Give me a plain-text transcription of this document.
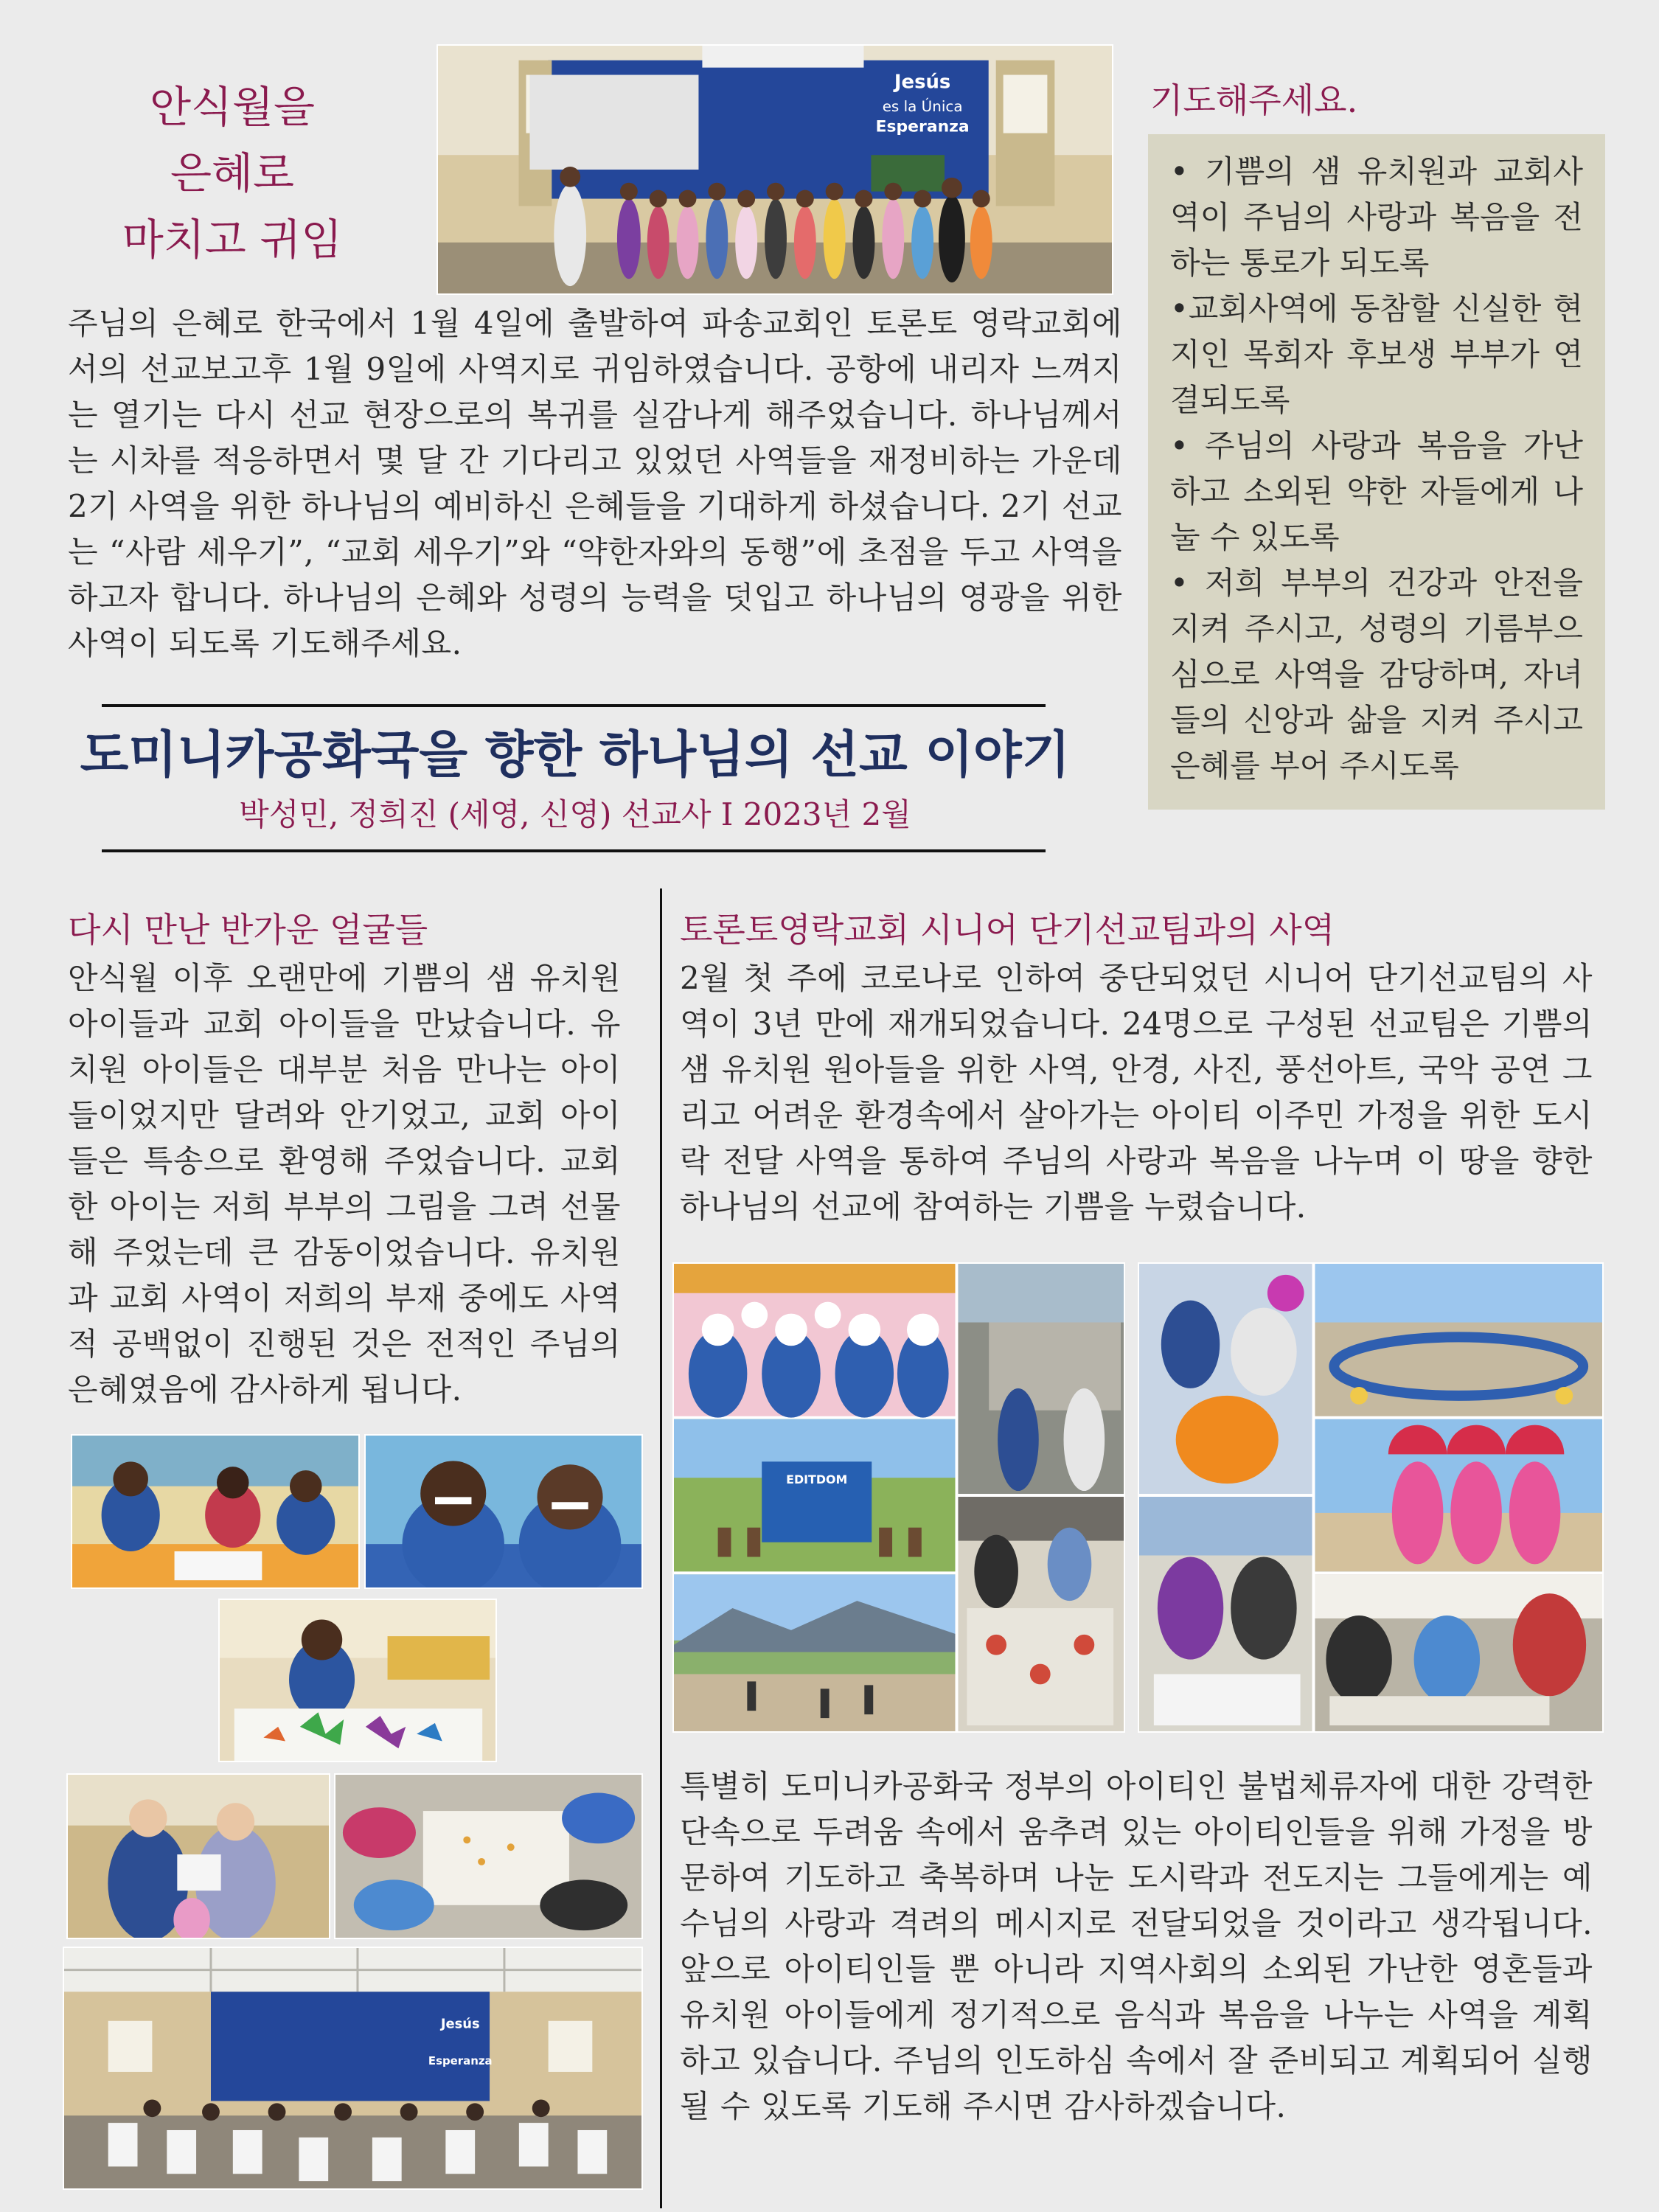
안식월을
은혜로
마치고 귀임
Jesús
es la Única
Esperanza
주님의 은혜로 한국에서 1월 4일에 출발하여 파송교회인 토론토 영락교회에서의 선교보고후 1월 9일에 사역지로 귀임하였습니다. 공항에 내리자 느껴지는 열기는 다시 선교 현장으로의 복귀를 실감나게 해주었습니다. 하나님께서는 시차를 적응하면서 몇 달 간 기다리고 있었던 사역들을 재정비하는 가운데 2기 사역을 위한 하나님의 예비하신 은혜들을 기대하게 하셨습니다. 2기 선교는 “사람 세우기”, “교회 세우기”와 “약한자와의 동행”에 초점을 두고 사역을 하고자 합니다. 하나님의 은혜와 성령의 능력을 덧입고 하나님의 영광을 위한 사역이 되도록 기도해주세요.
기도해주세요.

• 기쁨의 샘 유치원과 교회사역이 주님의 사랑과 복음을 전하는 통로가 되도록

•교회사역에 동참할 신실한 현지인 목회자 후보생 부부가 연결되도록

• 주님의 사랑과 복음을 가난하고 소외된 약한 자들에게 나눌 수 있도록

• 저희 부부의 건강과 안전을 지켜 주시고, 성령의 기름부으심으로 사역을 감당하며, 자녀들의 신앙과 삶을 지켜 주시고 은혜를 부어 주시도록

도미니카공화국을 향한 하나님의 선교 이야기
박성민, 정희진 (세영, 신영) 선교사 I 2023년 2월
다시 만난 반가운 얼굴들
안식월 이후 오랜만에 기쁨의 샘 유치원 아이들과 교회 아이들을 만났습니다. 유치원 아이들은 대부분 처음 만나는 아이들이었지만 달려와 안기었고, 교회 아이들은 특송으로 환영해 주었습니다. 교회 한 아이는 저희 부부의 그림을 그려 선물해 주었는데 큰 감동이었습니다. 유치원과 교회 사역이 저희의 부재 중에도 사역적 공백없이 진행된 것은 전적인 주님의 은혜였음에 감사하게 됩니다.
Jesús
Esperanza
토론토영락교회 시니어 단기선교팀과의 사역
2월 첫 주에 코로나로 인하여 중단되었던 시니어 단기선교팀의 사역이 3년 만에 재개되었습니다. 24명으로 구성된 선교팀은 기쁨의 샘 유치원 원아들을 위한 사역, 안경, 사진, 풍선아트, 국악 공연 그리고 어려운 환경속에서 살아가는 아이티 이주민 가정을 위한 도시락 전달 사역을 통하여 주님의 사랑과 복음을 나누며 이 땅을 향한 하나님의 선교에 참여하는 기쁨을 누렸습니다.
EDITDOM
특별히 도미니카공화국 정부의 아이티인 불법체류자에 대한 강력한 단속으로 두려움 속에서 움추려 있는 아이티인들을 위해 가정을 방문하여 기도하고 축복하며 나눈 도시락과 전도지는 그들에게는 예수님의 사랑과 격려의 메시지로 전달되었을 것이라고 생각됩니다. 앞으로 아이티인들 뿐 아니라 지역사회의 소외된 가난한 영혼들과 유치원 아이들에게 정기적으로 음식과 복음을 나누는 사역을 계획하고 있습니다. 주님의 인도하심 속에서 잘 준비되고 계획되어 실행될 수 있도록 기도해 주시면 감사하겠습니다.
